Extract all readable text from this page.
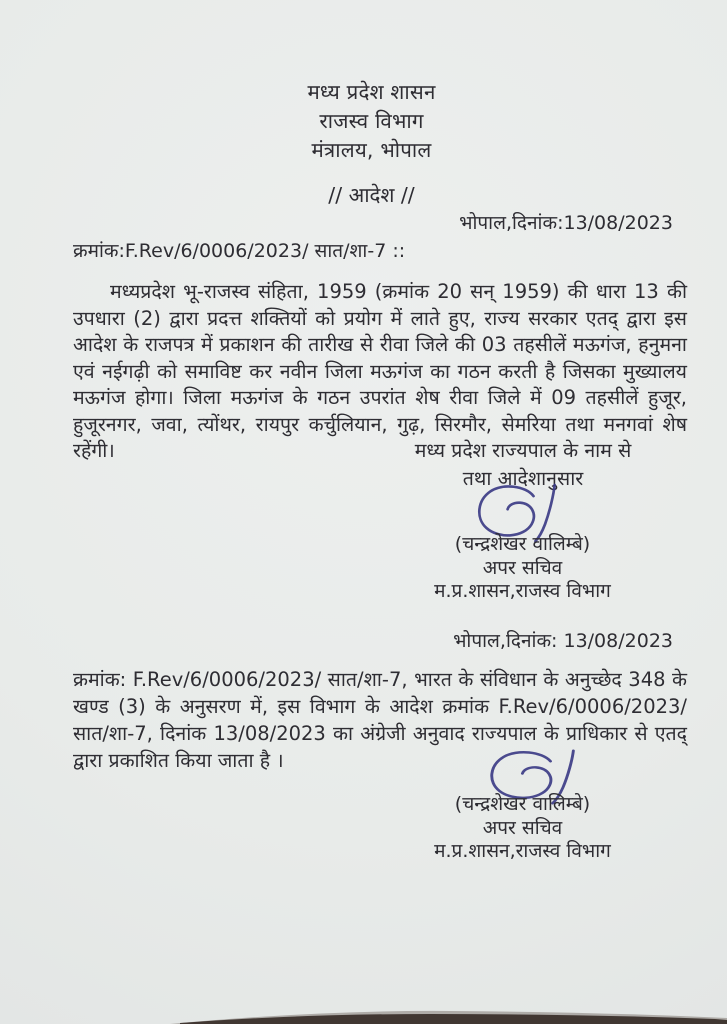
मध्य प्रदेश शासन
राजस्व विभाग
मंत्रालय, भोपाल
// आदेश //
भोपाल,दिनांक:13/08/2023
क्रमांक:F.Rev/6/0006/2023/ सात/शा-7 ::
मध्यप्रदेश भू-राजस्व संहिता, 1959 (क्रमांक 20 सन् 1959) की धारा 13 की उपधारा (2) द्वारा प्रदत्त शक्तियों को प्रयोग में लाते हुए, राज्य सरकार एतद् द्वारा इस आदेश के राजपत्र में प्रकाशन की तारीख से रीवा जिले की 03 तहसीलें मऊगंज, हनुमना एवं नईगढ़ी को समाविष्ट कर नवीन जिला मऊगंज का गठन करती है जिसका मुख्यालय मऊगंज होगा। जिला मऊगंज के गठन उपरांत शेष रीवा जिले में 09 तहसीलें हुजूर, हुजूरनगर, जवा, त्योंथर, रायपुर कर्चुलियान, गुढ़, सिरमौर, सेमरिया तथा मनगवां शेष रहेंगी।	मध्य प्रदेश राज्यपाल के नाम से
तथा आदेशानुसार
(चन्द्रशेखर वालिम्बे)
अपर सचिव
म.प्र.शासन,राजस्व विभाग
भोपाल,दिनांक: 13/08/2023
क्रमांक: F.Rev/6/0006/2023/ सात/शा-7, भारत के संविधान के अनुच्छेद 348 के खण्ड (3) के अनुसरण में, इस विभाग के आदेश क्रमांक F.Rev/6/0006/2023/ सात/शा-7, दिनांक 13/08/2023 का अंग्रेजी अनुवाद राज्यपाल के प्राधिकार से एतद् द्वारा प्रकाशित किया जाता है ।
(चन्द्रशेखर वालिम्बे)
अपर सचिव
म.प्र.शासन,राजस्व विभाग
